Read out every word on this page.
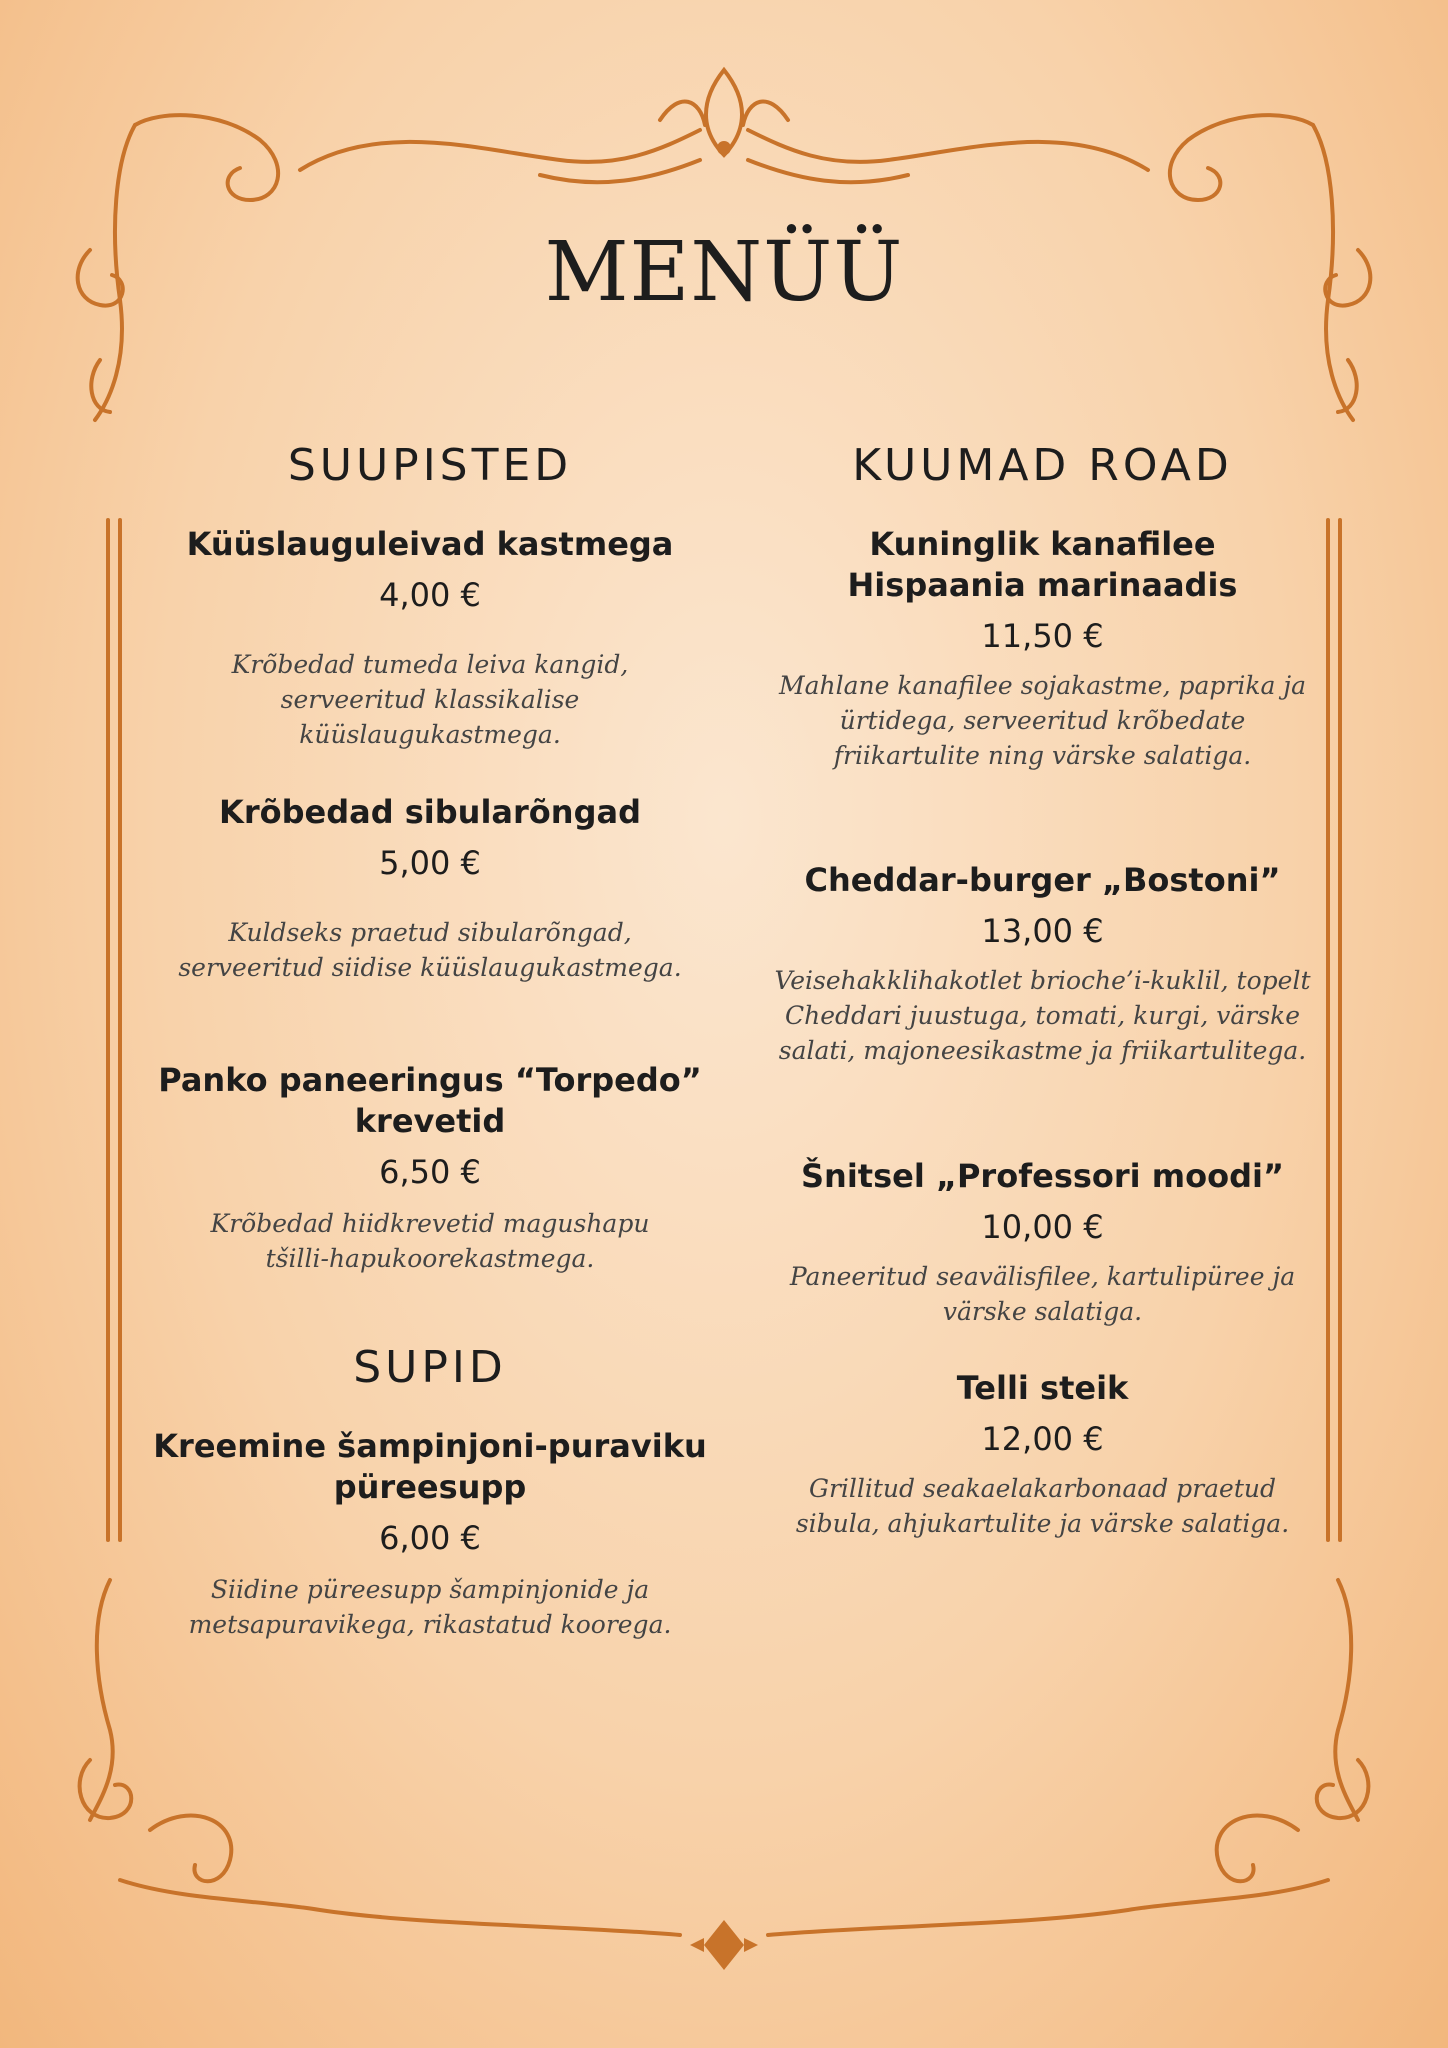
MENÜÜ
SUUPISTED
Küüslauguleivad kastmega
4,00 €
Krõbedad tumeda leiva kangid, serveeritud klassikalise küüslaugukastmega.
Krõbedad sibularõngad
5,00 €
Kuldseks praetud sibularõngad, serveeritud siidise küüslaugukastmega.
Panko paneeringus “Torpedo” krevetid
6,50 €
Krõbedad hiidkrevetid magushapu tšilli-hapukoorekastmega.
SUPID
Kreemine šampinjoni-puraviku püreesupp
6,00 €
Siidine püreesupp šampinjonide ja metsapuravikega, rikastatud koorega.
KUUMAD ROAD
Kuninglik kanafilee Hispaania marinaadis
11,50 €
Mahlane kanafilee sojakastme, paprika ja ürtidega, serveeritud krõbedate friikartulite ning värske salatiga.
Cheddar-burger „Bostoni”
13,00 €
Veisehakklihakotlet brioche’i-kuklil, topelt Cheddari juustuga, tomati, kurgi, värske salati, majoneesikastme ja friikartulitega.
Šnitsel „Professori moodi”
10,00 €
Paneeritud seavälisfilee, kartulipüree ja värske salatiga.
Telli steik
12,00 €
Grillitud seakaelakarbonaad praetud sibula, ahjukartulite ja värske salatiga.
